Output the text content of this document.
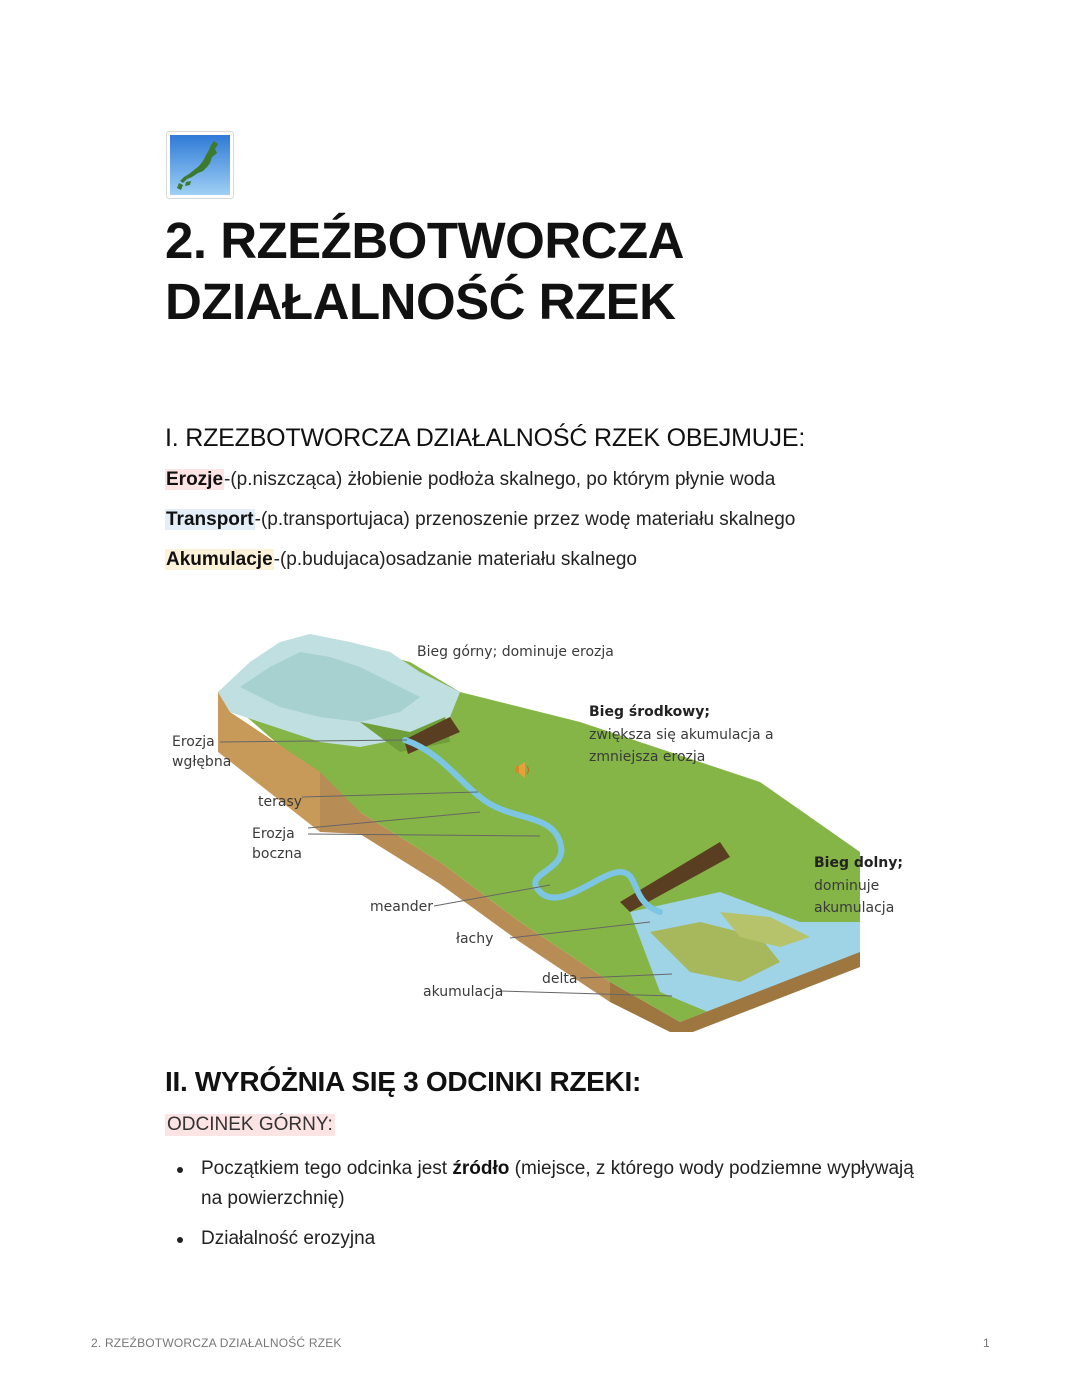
2. RZEŹBOTWORCZA DZIAŁALNOŚĆ RZEK
I. RZEZBOTWORCZA DZIAŁALNOŚĆ RZEK OBEJMUJE:
Erozje-(p.niszcząca) żłobienie podłoża skalnego, po którym płynie woda
Transport-(p.transportujaca) przenoszenie przez wodę materiału skalnego
Akumulacje-(p.budujaca)osadzanie materiału skalnego
Bieg górny; dominuje erozja
Bieg środkowy;
zwiększa się akumulacja a
zmniejsza erozja
Bieg dolny;
dominuje
akumulacja
Erozja
wgłębna
terasy
Erozja
boczna
meander
łachy
delta
akumulacja
II. WYRÓŻNIA SIĘ 3 ODCINKI RZEKI:
ODCINEK GÓRNY:
Początkiem tego odcinka jest źródło (miejsce, z którego wody podziemne wypływają na powierzchnię)
Działalność erozyjna
2. RZEŹBOTWORCZA DZIAŁALNOŚĆ RZEK	1
